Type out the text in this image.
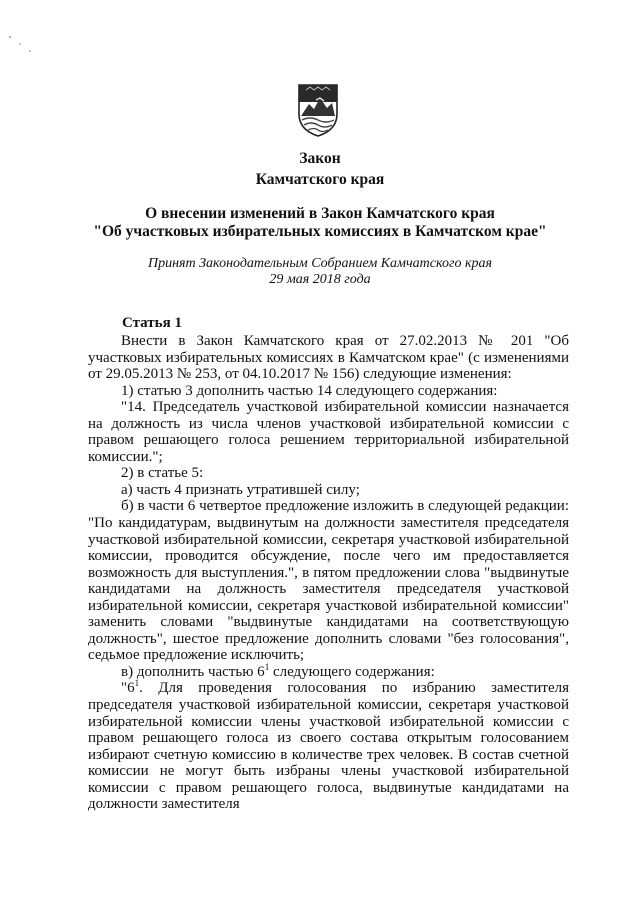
Закон
Камчатского края
О внесении изменений в Закон Камчатского края
"Об участковых избирательных комиссиях в Камчатском крае"
Принят Законодательным Собранием Камчатского края
29 мая 2018 года
Статья 1

Внести в Закон Камчатского края от 27.02.2013 № 201 "Об участковых избирательных комиссиях в Камчатском крае" (с изменениями от 29.05.2013 № 253, от 04.10.2017 № 156) следующие изменения:

1) статью 3 дополнить частью 14 следующего содержания:

"14. Председатель участковой избирательной комиссии назначается на должность из числа членов участковой избирательной комиссии с правом решающего голоса решением территориальной избирательной комиссии.";

2) в статье 5:

а) часть 4 признать утратившей силу;

б) в части 6 четвертое предложение изложить в следующей редакции: "По кандидатурам, выдвинутым на должности заместителя председателя участковой избирательной комиссии, секретаря участковой избирательной комиссии, проводится обсуждение, после чего им предоставляется возможность для выступления.", в пятом предложении слова "выдвинутые кандидатами на должность заместителя председателя участковой избирательной комиссии, секретаря участковой избирательной комиссии" заменить словами "выдвинутые кандидатами на соответствующую должность", шестое предложение дополнить словами "без голосования", седьмое предложение исключить;

в) дополнить частью $6^1$ следующего содержания:

"$6^1$. Для проведения голосования по избранию заместителя председателя участковой избирательной комиссии, секретаря участковой избирательной комиссии члены участковой избирательной комиссии с правом решающего голоса из своего состава открытым голосованием избирают счетную комиссию в количестве трех человек. В состав счетной комиссии не могут быть избраны члены участковой избирательной комиссии с правом решающего голоса, выдвинутые кандидатами на должности заместителя
